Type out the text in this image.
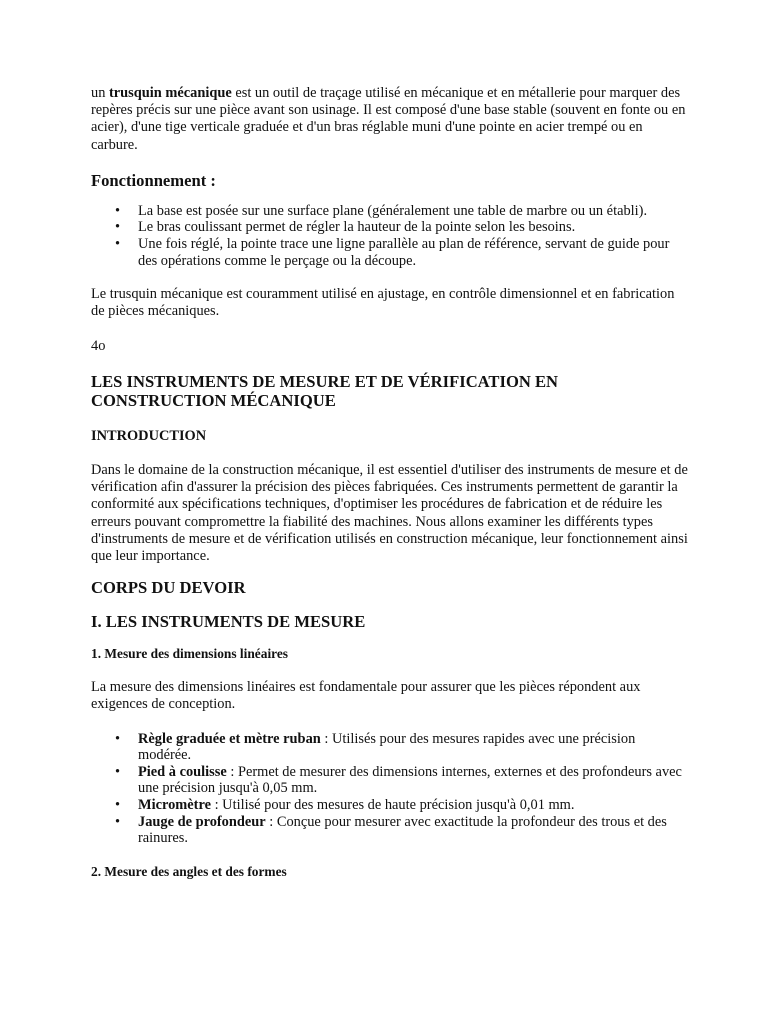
un trusquin mécanique est un outil de traçage utilisé en mécanique et en métallerie pour marquer des repères précis sur une pièce avant son usinage. Il est composé d'une base stable (souvent en fonte ou en acier), d'une tige verticale graduée et d'un bras réglable muni d'une pointe en acier trempé ou en carbure.

Fonctionnement :
• La base est posée sur une surface plane (généralement une table de marbre ou un établi).
• Le bras coulissant permet de régler la hauteur de la pointe selon les besoins.
• Une fois réglé, la pointe trace une ligne parallèle au plan de référence, servant de guide pour des opérations comme le perçage ou la découpe.

Le trusquin mécanique est couramment utilisé en ajustage, en contrôle dimensionnel et en fabrication de pièces mécaniques.

4o

LES INSTRUMENTS DE MESURE ET DE VÉRIFICATION EN CONSTRUCTION MÉCANIQUE
INTRODUCTION

Dans le domaine de la construction mécanique, il est essentiel d'utiliser des instruments de mesure et de vérification afin d'assurer la précision des pièces fabriquées. Ces instruments permettent de garantir la conformité aux spécifications techniques, d'optimiser les procédures de fabrication et de réduire les erreurs pouvant compromettre la fiabilité des machines. Nous allons examiner les différents types d'instruments de mesure et de vérification utilisés en construction mécanique, leur fonctionnement ainsi que leur importance.

CORPS DU DEVOIR
I. LES INSTRUMENTS DE MESURE
1. Mesure des dimensions linéaires

La mesure des dimensions linéaires est fondamentale pour assurer que les pièces répondent aux exigences de conception.

• Règle graduée et mètre ruban : Utilisés pour des mesures rapides avec une précision modérée.
• Pied à coulisse : Permet de mesurer des dimensions internes, externes et des profondeurs avec une précision jusqu'à 0,05 mm.
• Micromètre : Utilisé pour des mesures de haute précision jusqu'à 0,01 mm.
• Jauge de profondeur : Conçue pour mesurer avec exactitude la profondeur des trous et des rainures.
2. Mesure des angles et des formes
